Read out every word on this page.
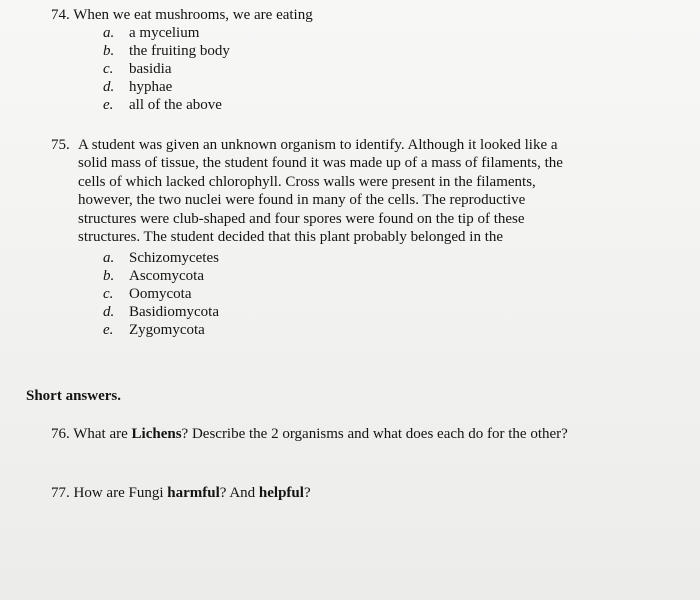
74. When we eat mushrooms, we are eating
a. a mycelium
b. the fruiting body
c. basidia
d. hyphae
e. all of the above
75. A student was given an unknown organism to identify. Although it looked like a
solid mass of tissue, the student found it was made up of a mass of filaments, the
cells of which lacked chlorophyll. Cross walls were present in the filaments,
however, the two nuclei were found in many of the cells. The reproductive
structures were club-shaped and four spores were found on the tip of these
structures. The student decided that this plant probably belonged in the
a. Schizomycetes
b. Ascomycota
c. Oomycota
d. Basidiomycota
e. Zygomycota
Short answers.
76. What are Lichens? Describe the 2 organisms and what does each do for the other?
77. How are Fungi harmful? And helpful?
